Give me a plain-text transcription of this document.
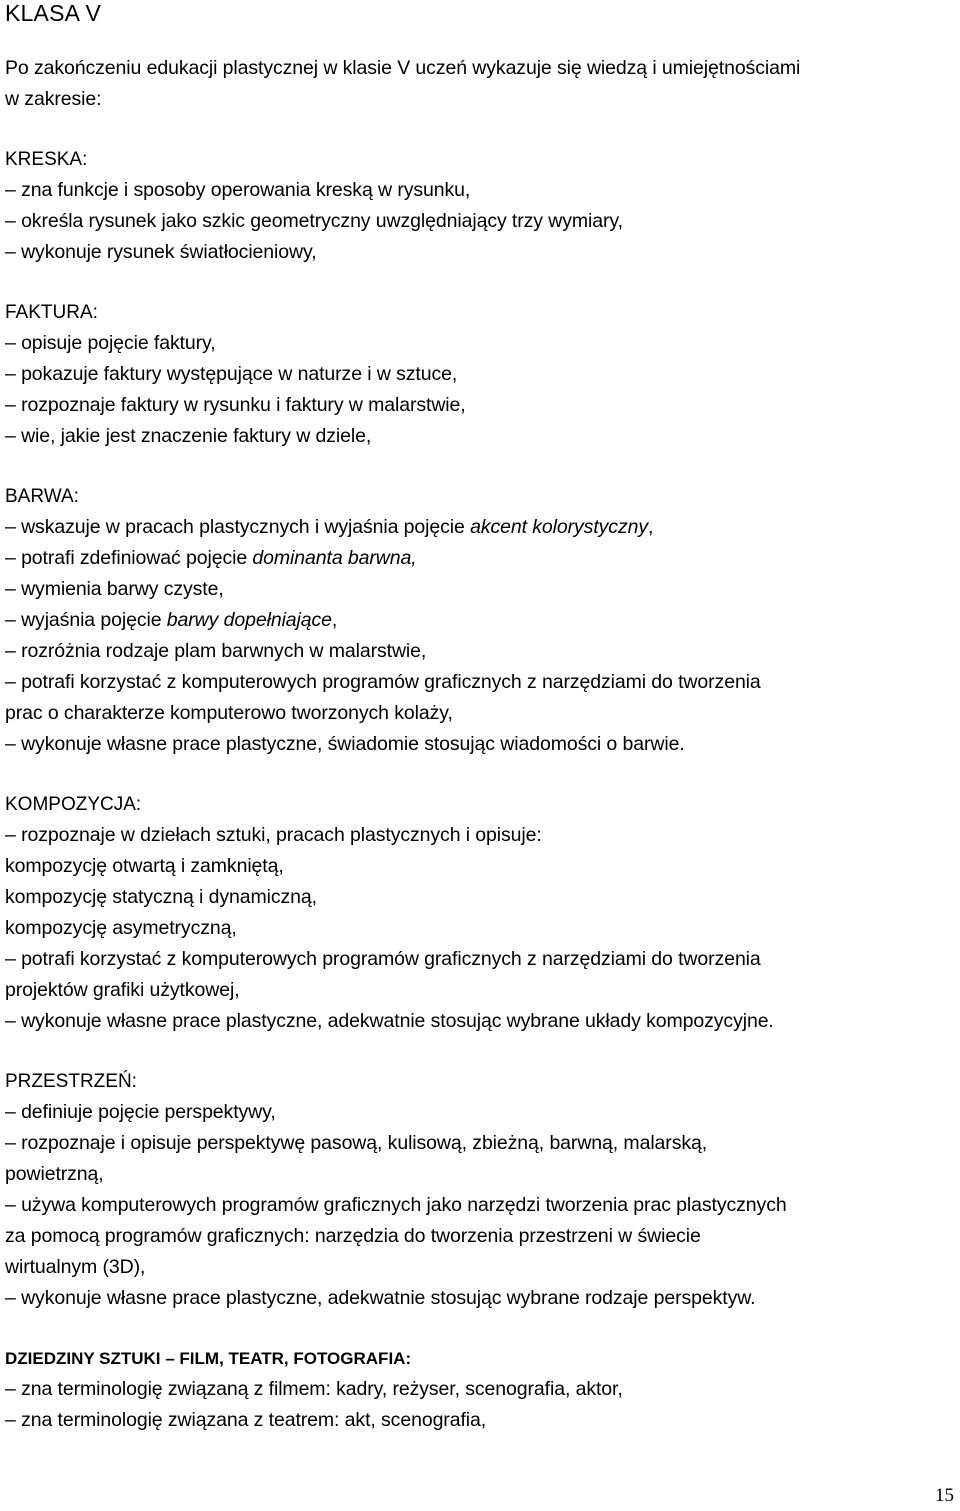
KLASA V
Po zakończeniu edukacji plastycznej w klasie V uczeń wykazuje się wiedzą i umiejętnościami
w zakresie:
KRESKA:
– zna funkcje i sposoby operowania kreską w rysunku,
– określa rysunek jako szkic geometryczny uwzględniający trzy wymiary,
– wykonuje rysunek światłocieniowy,
FAKTURA:
– opisuje pojęcie faktury,
– pokazuje faktury występujące w naturze i w sztuce,
– rozpoznaje faktury w rysunku i faktury w malarstwie,
– wie, jakie jest znaczenie faktury w dziele,
BARWA:
– wskazuje w pracach plastycznych i wyjaśnia pojęcie akcent kolorystyczny,
– potrafi zdefiniować pojęcie dominanta barwna,
– wymienia barwy czyste,
– wyjaśnia pojęcie barwy dopełniające,
– rozróżnia rodzaje plam barwnych w malarstwie,
– potrafi korzystać z komputerowych programów graficznych z narzędziami do tworzenia
prac o charakterze komputerowo tworzonych kolaży,
– wykonuje własne prace plastyczne, świadomie stosując wiadomości o barwie.
KOMPOZYCJA:
– rozpoznaje w dziełach sztuki, pracach plastycznych i opisuje:
kompozycję otwartą i zamkniętą,
kompozycję statyczną i dynamiczną,
kompozycję asymetryczną,
– potrafi korzystać z komputerowych programów graficznych z narzędziami do tworzenia
projektów grafiki użytkowej,
– wykonuje własne prace plastyczne, adekwatnie stosując wybrane układy kompozycyjne.
PRZESTRZEŃ:
– definiuje pojęcie perspektywy,
– rozpoznaje i opisuje perspektywę pasową, kulisową, zbieżną, barwną, malarską,
powietrzną,
– używa komputerowych programów graficznych jako narzędzi tworzenia prac plastycznych
za pomocą programów graficznych: narzędzia do tworzenia przestrzeni w świecie
wirtualnym (3D),
– wykonuje własne prace plastyczne, adekwatnie stosując wybrane rodzaje perspektyw.
DZIEDZINY SZTUKI – FILM, TEATR, FOTOGRAFIA:
– zna terminologię związaną z filmem: kadry, reżyser, scenografia, aktor,
– zna terminologię związana z teatrem: akt, scenografia,
15
